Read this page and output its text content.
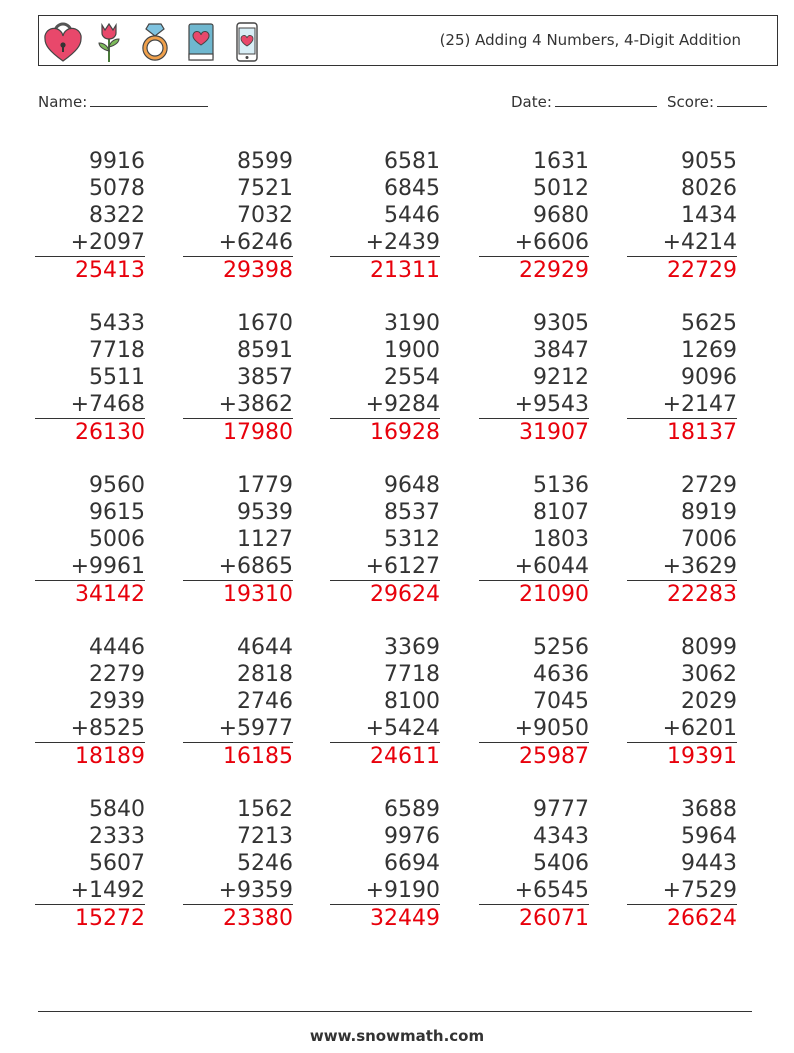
(25) Adding 4 Numbers, 4-Digit Addition
Name:	Date:	Score:
9916
5078
8322
+2097
25413
8599
7521
7032
+6246
29398
6581
6845
5446
+2439
21311
1631
5012
9680
+6606
22929
9055
8026
1434
+4214
22729
5433
7718
5511
+7468
26130
1670
8591
3857
+3862
17980
3190
1900
2554
+9284
16928
9305
3847
9212
+9543
31907
5625
1269
9096
+2147
18137
9560
9615
5006
+9961
34142
1779
9539
1127
+6865
19310
9648
8537
5312
+6127
29624
5136
8107
1803
+6044
21090
2729
8919
7006
+3629
22283
4446
2279
2939
+8525
18189
4644
2818
2746
+5977
16185
3369
7718
8100
+5424
24611
5256
4636
7045
+9050
25987
8099
3062
2029
+6201
19391
5840
2333
5607
+1492
15272
1562
7213
5246
+9359
23380
6589
9976
6694
+9190
32449
9777
4343
5406
+6545
26071
3688
5964
9443
+7529
26624
www.snowmath.com
